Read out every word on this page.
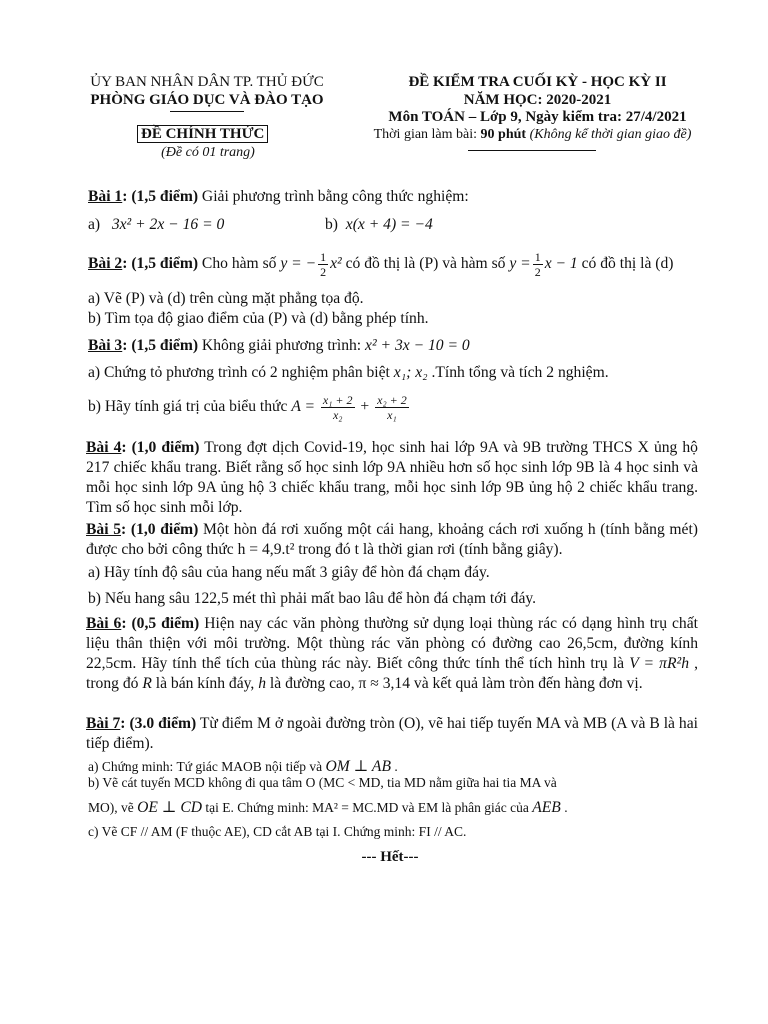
ỦY BAN NHÂN DÂN TP. THỦ ĐỨC
PHÒNG GIÁO DỤC VÀ ĐÀO TẠO
ĐỀ CHÍNH THỨC
(Đề có 01 trang)
ĐỀ KIỂM TRA CUỐI KỲ - HỌC KỲ II
NĂM HỌC: 2020-2021
Môn TOÁN – Lớp 9, Ngày kiểm tra: 27/4/2021
Thời gian làm bài: 90 phút (Không kể thời gian giao đề)
Bài 1: (1,5 điểm) Giải phương trình bằng công thức nghiệm:
a) 3x² + 2x − 16 = 0	b) x(x + 4) = −4
Bài 2: (1,5 điểm) Cho hàm số y = − $\frac{1}{2} x^2$ có đồ thị là (P) và hàm số $y = \frac{1}{2}$ x − 1 có đồ thị là (d)
a) Vẽ (P) và (d) trên cùng mặt phẳng tọa độ.
b) Tìm tọa độ giao điểm của (P) và (d) bằng phép tính.
Bài 3: (1,5 điểm) Không giải phương trình: x² + 3x − 10 = 0
a) Chứng tỏ phương trình có 2 nghiệm phân biệt x₁; x₂ .Tính tổng và tích 2 nghiệm.
b) Hãy tính giá trị của biểu thức $A = \frac{\text{x₁ + 2}}{\text{x₂}} + \frac{\text{x₂ + 2}}{\text{x₁}}$
Bài 4: (1,0 điểm) Trong đợt dịch Covid-19, học sinh hai lớp 9A và 9B trường THCS X ủng hộ 217 chiếc khẩu trang. Biết rằng số học sinh lớp 9A nhiều hơn số học sinh lớp 9B là 4 học sinh và mỗi học sinh lớp 9A ủng hộ 3 chiếc khẩu trang, mỗi học sinh lớp 9B ủng hộ 2 chiếc khẩu trang. Tìm số học sinh mỗi lớp.
Bài 5: (1,0 điểm) Một hòn đá rơi xuống một cái hang, khoảng cách rơi xuống h (tính bằng mét) được cho bởi công thức h = 4,9.t² trong đó t là thời gian rơi (tính bằng giây).
a) Hãy tính độ sâu của hang nếu mất 3 giây để hòn đá chạm đáy.
b) Nếu hang sâu 122,5 mét thì phải mất bao lâu để hòn đá chạm tới đáy.
Bài 6: (0,5 điểm) Hiện nay các văn phòng thường sử dụng loại thùng rác có dạng hình trụ chất liệu thân thiện với môi trường. Một thùng rác văn phòng có đường cao 26,5cm, đường kính 22,5cm. Hãy tính thể tích của thùng rác này. Biết công thức tính thể tích hình trụ là V = πR²h , trong đó R là bán kính đáy, h là đường cao, π ≈ 3,14 và kết quả làm tròn đến hàng đơn vị.
Bài 7: (3.0 điểm) Từ điểm M ở ngoài đường tròn (O), vẽ hai tiếp tuyến MA và MB (A và B là hai tiếp điểm).
a) Chứng minh: Tứ giác MAOB nội tiếp và OM ⊥ AB .
b) Vẽ cát tuyến MCD không đi qua tâm O (MC < MD, tia MD nằm giữa hai tia MA và
MO), vẽ OE ⊥ CD tại E. Chứng minh: MA² = MC.MD và EM là phân giác của AEB .
c) Vẽ CF // AM (F thuộc AE), CD cắt AB tại I. Chứng minh: FI // AC.
--- Hết---
